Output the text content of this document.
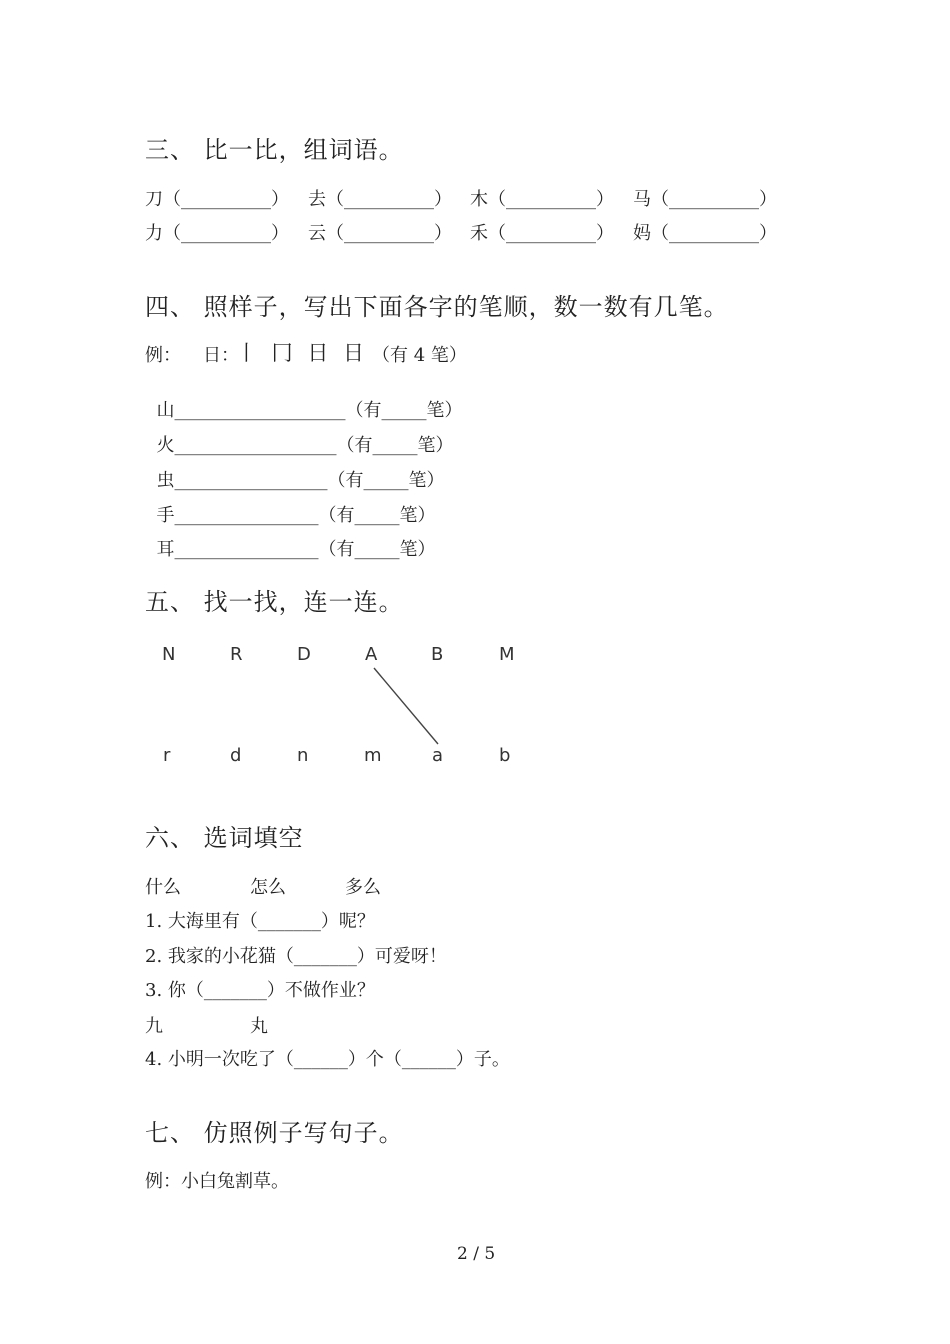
三、 比一比，组词语。
刀（__________） 去（__________） 木（__________） 马（__________）
力（__________） 云（__________） 禾（__________） 妈（__________）
四、 照样子，写出下面各字的笔顺，数一数有几笔。
例： 日：
丨 冂 日 日 （有 4 笔）

山___________________（有_____笔）

火__________________（有_____笔）

虫_________________（有_____笔）

手________________（有_____笔）

耳________________（有_____笔）

五、 找一找，连一连。
N	R	D	A	B	M
r	d	n	m	a	b
六、 选词填空
什么	怎么	多么
1. 大海里有（_______）呢？
2. 我家的小花猫（_______）可爱呀！
3. 你（_______）不做作业？
九	丸
4. 小明一次吃了（______）个（______）子。
七、 仿照例子写句子。
例：小白兔割草。
2 / 5
